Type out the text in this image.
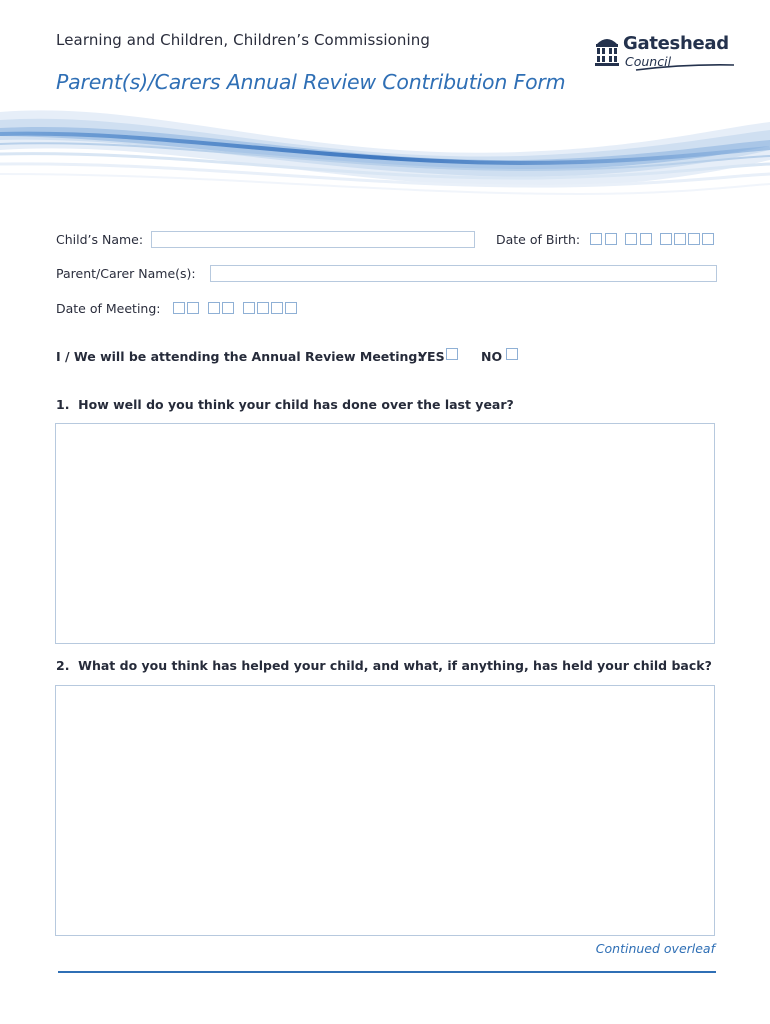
Learning and Children, Children’s Commissioning
Parent(s)/Carers Annual Review Contribution Form
Gateshead
Council
Child’s Name:	Date of Birth:
Parent/Carer Name(s):
Date of Meeting:
I / We will be attending the Annual Review Meeting:
YES	NO
1. How well do you think your child has done over the last year?
2. What do you think has helped your child, and what, if anything, has held your child back?
Continued overleaf
